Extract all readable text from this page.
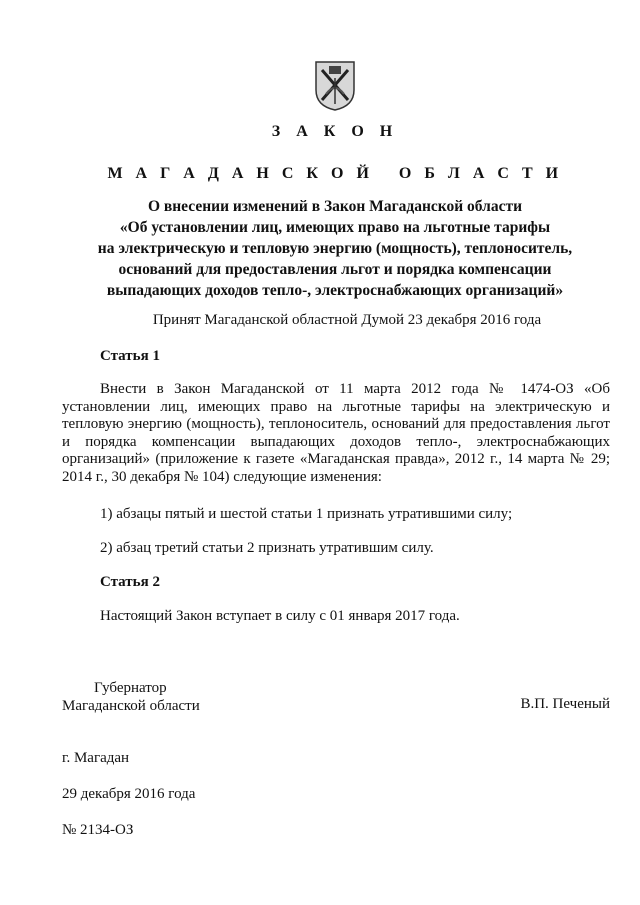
З А К О Н
М А Г А Д А Н С К О Й   О Б Л А С Т И
О внесении изменений в Закон Магаданской области
«Об установлении лиц, имеющих право на льготные тарифы
на электрическую и тепловую энергию (мощность), теплоноситель,
оснований для предоставления льгот и порядка компенсации
выпадающих доходов тепло-, электроснабжающих организаций»
Принят Магаданской областной Думой 23 декабря 2016 года
Статья 1
Внести в Закон Магаданской от 11 марта 2012 года № 1474-ОЗ «Об установлении лиц, имеющих право на льготные тарифы на электрическую и тепловую энергию (мощность), теплоноситель, оснований для предоставления льгот и порядка компенсации выпадающих доходов тепло-, электроснабжающих организаций» (приложение к газете «Магаданская правда», 2012 г., 14 марта № 29; 2014 г., 30 декабря № 104) следующие изменения:
1) абзацы пятый и шестой статьи 1 признать утратившими силу;
2) абзац третий статьи 2 признать утратившим силу.
Статья 2
Настоящий Закон вступает в силу с 01 января 2017 года.
Губернатор
Магаданской области	В.П. Печеный
г. Магадан
29 декабря 2016 года
№ 2134-ОЗ
